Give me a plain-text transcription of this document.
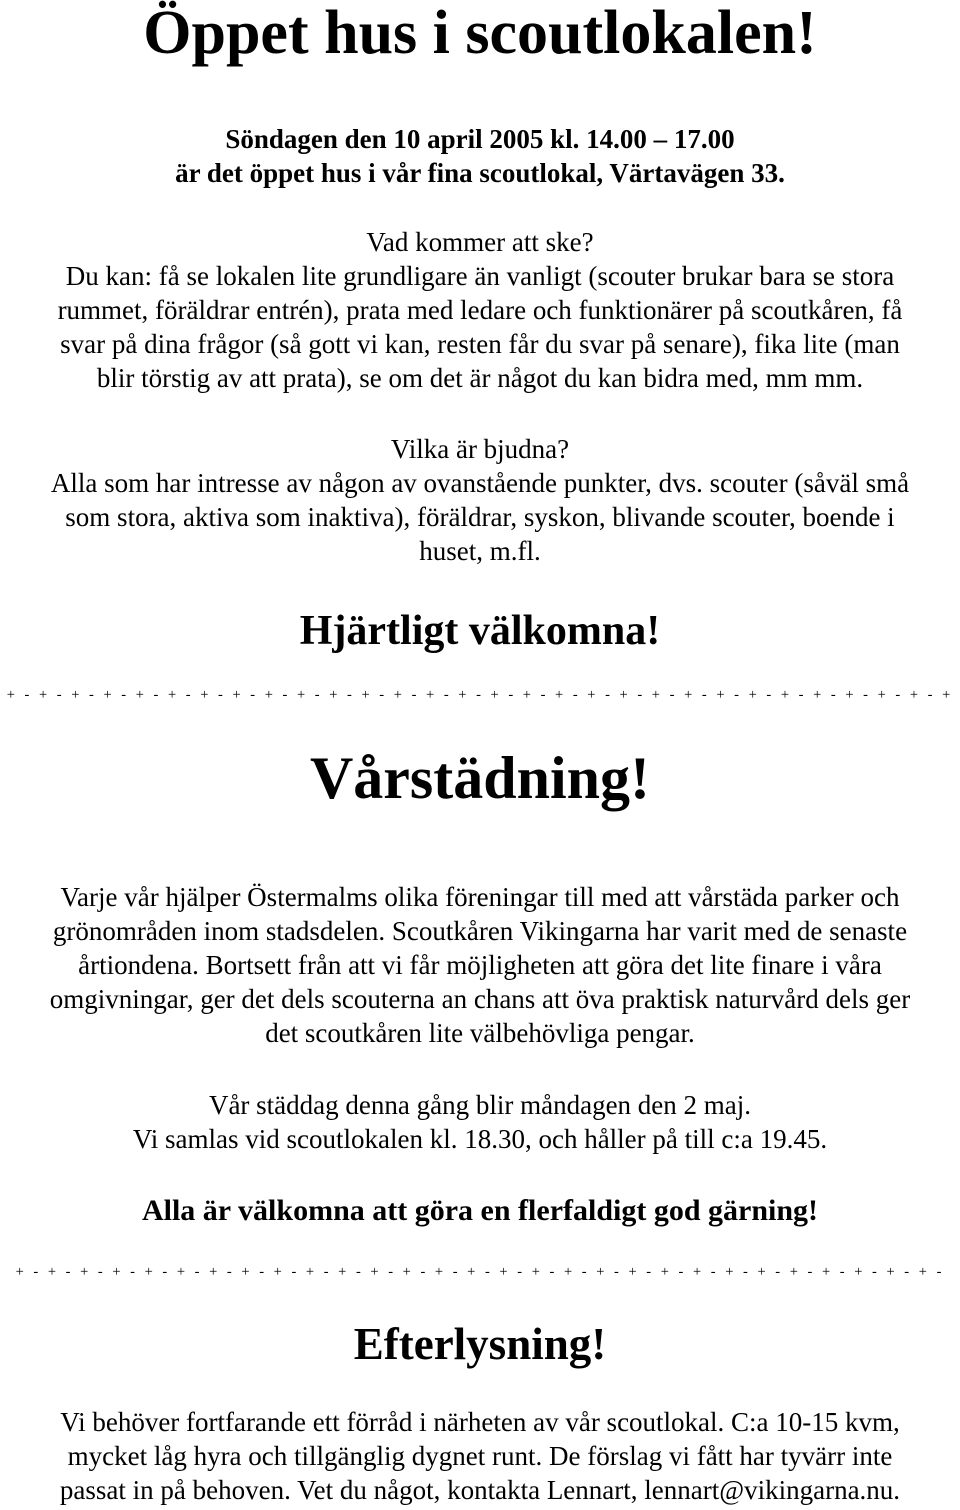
Öppet hus i scoutlokalen!
Söndagen den 10 april 2005 kl. 14.00 – 17.00
är det öppet hus i vår fina scoutlokal, Värtavägen 33.
Vad kommer att ske?
Du kan: få se lokalen lite grundligare än vanligt (scouter brukar bara se stora
rummet, föräldrar entrén), prata med ledare och funktionärer på scoutkåren, få
svar på dina frågor (så gott vi kan, resten får du svar på senare), fika lite (man
blir törstig av att prata), se om det är något du kan bidra med, mm mm.
Vilka är bjudna?
Alla som har intresse av någon av ovanstående punkter, dvs. scouter (såväl små
som stora, aktiva som inaktiva), föräldrar, syskon, blivande scouter, boende i
huset, m.fl.
Hjärtligt välkomna!
+ - + - + - + - + - + - + - + - + - + - + - + - + - + - + - + - + - + - + - + - + - + - + - + - + - + - + - + - + - +
Vårstädning!
Varje vår hjälper Östermalms olika föreningar till med att vårstäda parker och
grönområden inom stadsdelen. Scoutkåren Vikingarna har varit med de senaste
årtiondena. Bortsett från att vi får möjligheten att göra det lite finare i våra
omgivningar, ger det dels scouterna an chans att öva praktisk naturvård dels ger
det scoutkåren lite välbehövliga pengar.
Vår städdag denna gång blir måndagen den 2 maj.
Vi samlas vid scoutlokalen kl. 18.30, och håller på till c:a 19.45.
Alla är välkomna att göra en flerfaldigt god gärning!
+ - + - + - + - + - + - + - + - + - + - + - + - + - + - + - + - + - + - + - + - + - + - + - + - + - + - + - + - + -
Efterlysning!
Vi behöver fortfarande ett förråd i närheten av vår scoutlokal. C:a 10-15 kvm,
mycket låg hyra och tillgänglig dygnet runt. De förslag vi fått har tyvärr inte
passat in på behoven. Vet du något, kontakta Lennart, lennart@vikingarna.nu.
